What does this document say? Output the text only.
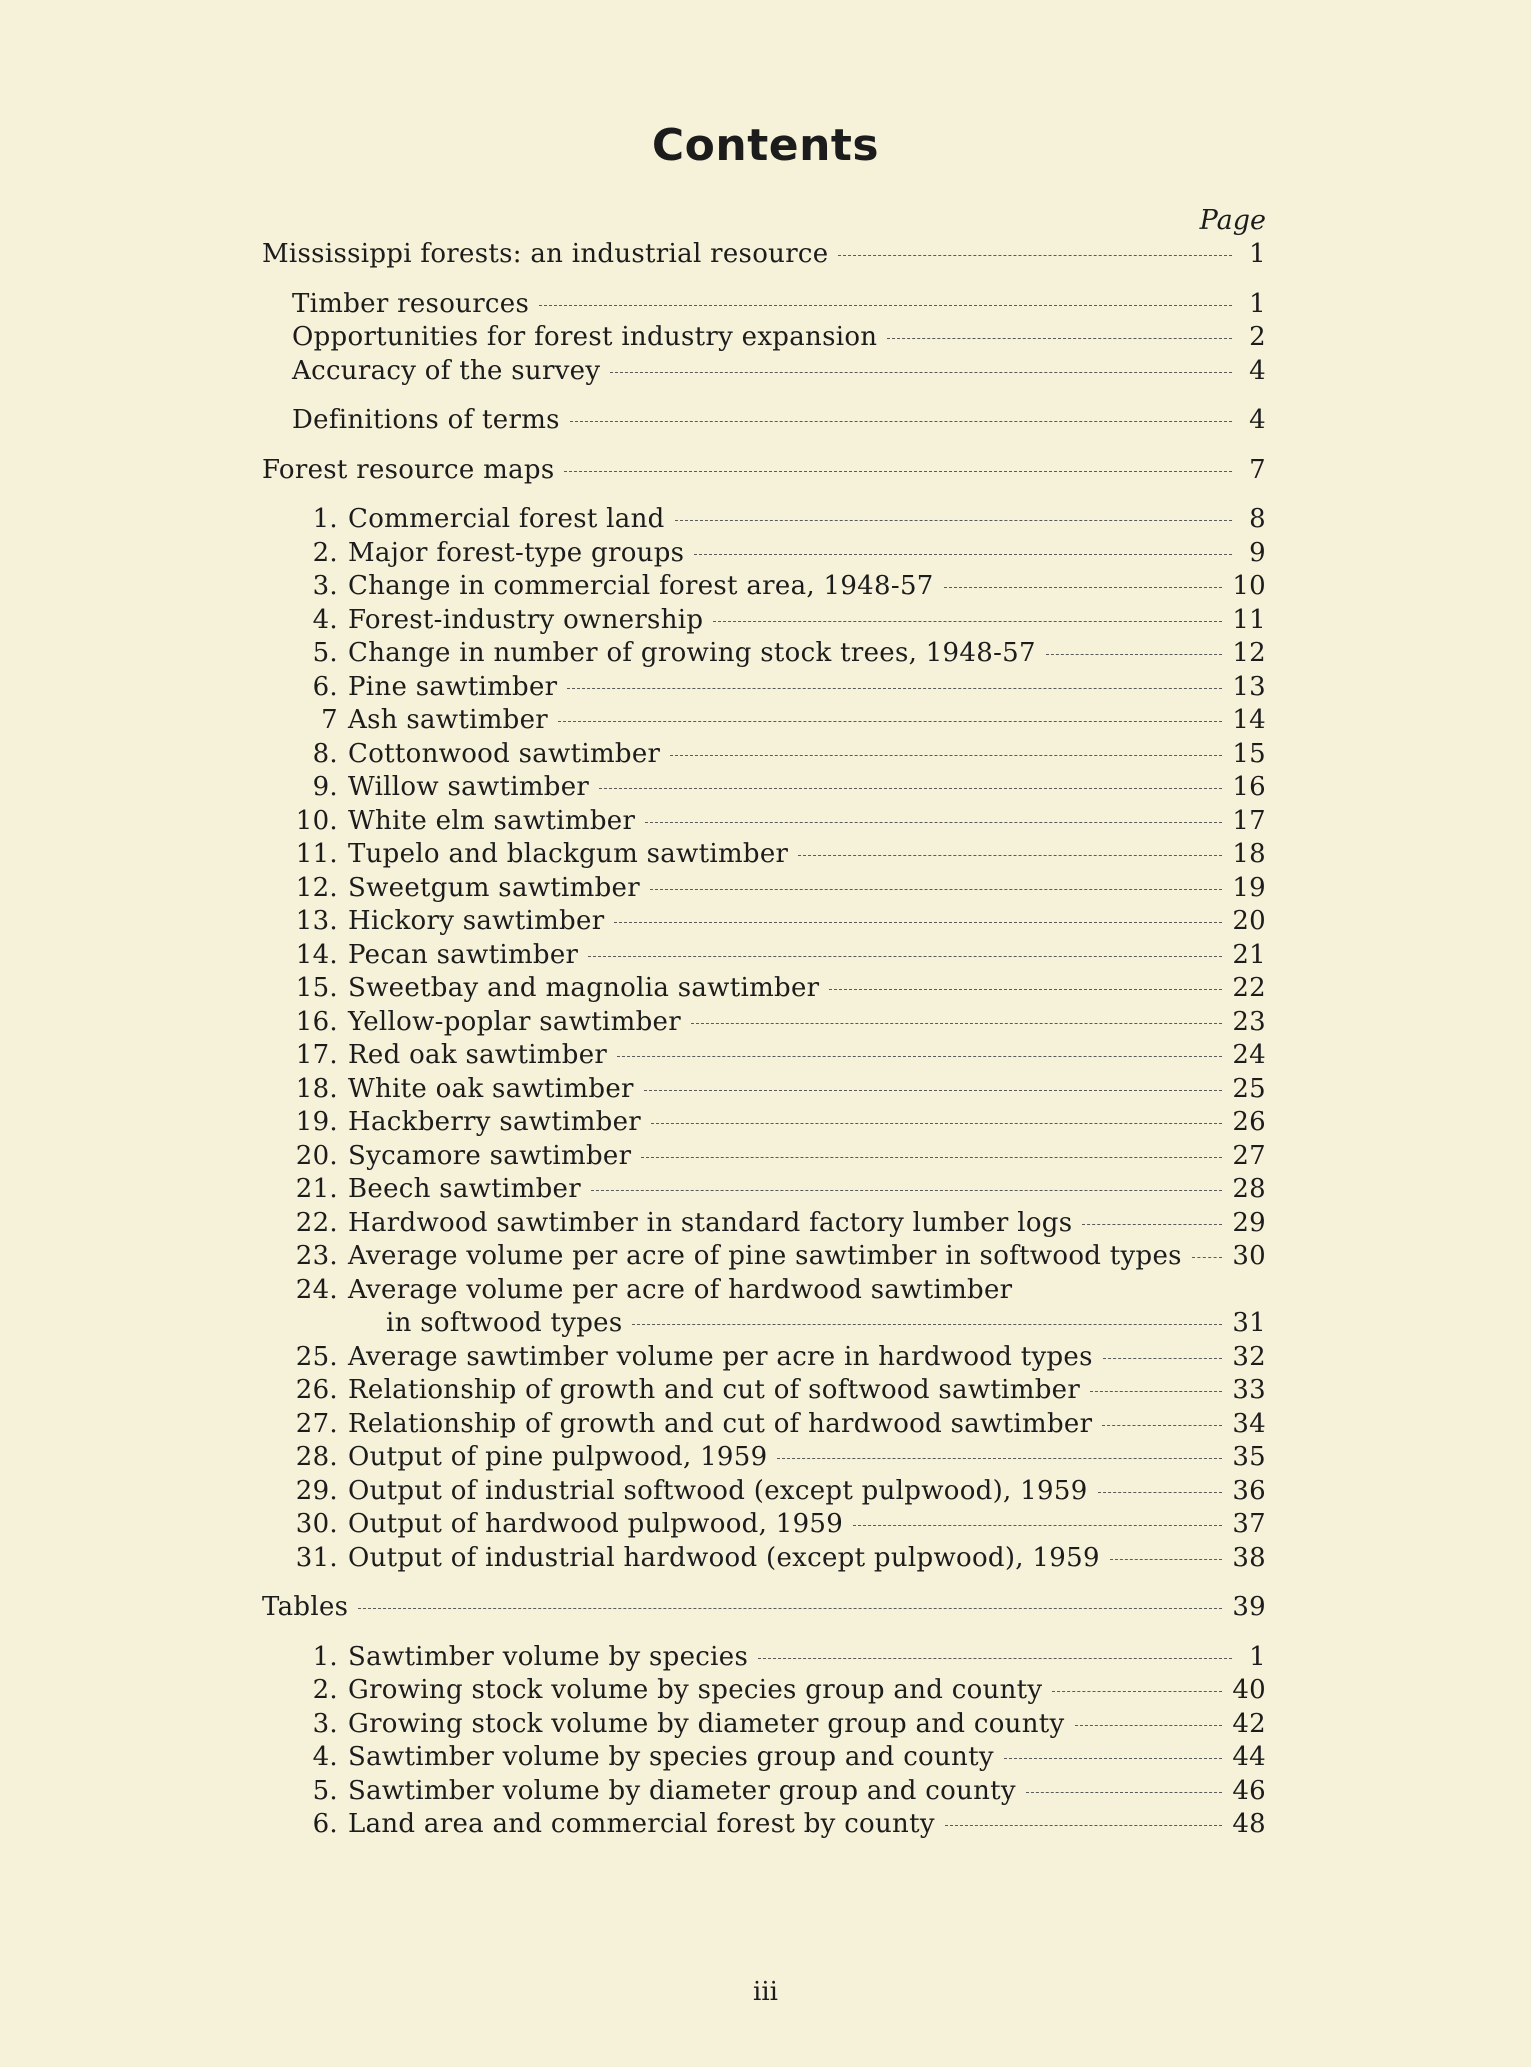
Contents
Page
Mississippi forests: an industrial resource	1
Timber resources	1
Opportunities for forest industry expansion	2
Accuracy of the survey	4
Definitions of terms	4
Forest resource maps	7
1. Commercial forest land	8
2. Major forest-type groups	9
3. Change in commercial forest area, 1948-57	10
4. Forest-industry ownership	11
5. Change in number of growing stock trees, 1948-57	12
6. Pine sawtimber	13
7 Ash sawtimber	14
8. Cottonwood sawtimber	15
9. Willow sawtimber	16
10. White elm sawtimber	17
11. Tupelo and blackgum sawtimber	18
12. Sweetgum sawtimber	19
13. Hickory sawtimber	20
14. Pecan sawtimber	21
15. Sweetbay and magnolia sawtimber	22
16. Yellow-poplar sawtimber	23
17. Red oak sawtimber	24
18. White oak sawtimber	25
19. Hackberry sawtimber	26
20. Sycamore sawtimber	27
21. Beech sawtimber	28
22. Hardwood sawtimber in standard factory lumber logs	29
23. Average volume per acre of pine sawtimber in softwood types 30
24. Average volume per acre of hardwood sawtimber
in softwood types	31
25. Average sawtimber volume per acre in hardwood types	32
26. Relationship of growth and cut of softwood sawtimber	33
27. Relationship of growth and cut of hardwood sawtimber	34
28. Output of pine pulpwood, 1959	35
29. Output of industrial softwood (except pulpwood), 1959	36
30. Output of hardwood pulpwood, 1959	37
31. Output of industrial hardwood (except pulpwood), 1959	38
Tables	39
1. Sawtimber volume by species	1
2. Growing stock volume by species group and county	40
3. Growing stock volume by diameter group and county	42
4. Sawtimber volume by species group and county	44
5. Sawtimber volume by diameter group and county	46
6. Land area and commercial forest by county	48
iii
